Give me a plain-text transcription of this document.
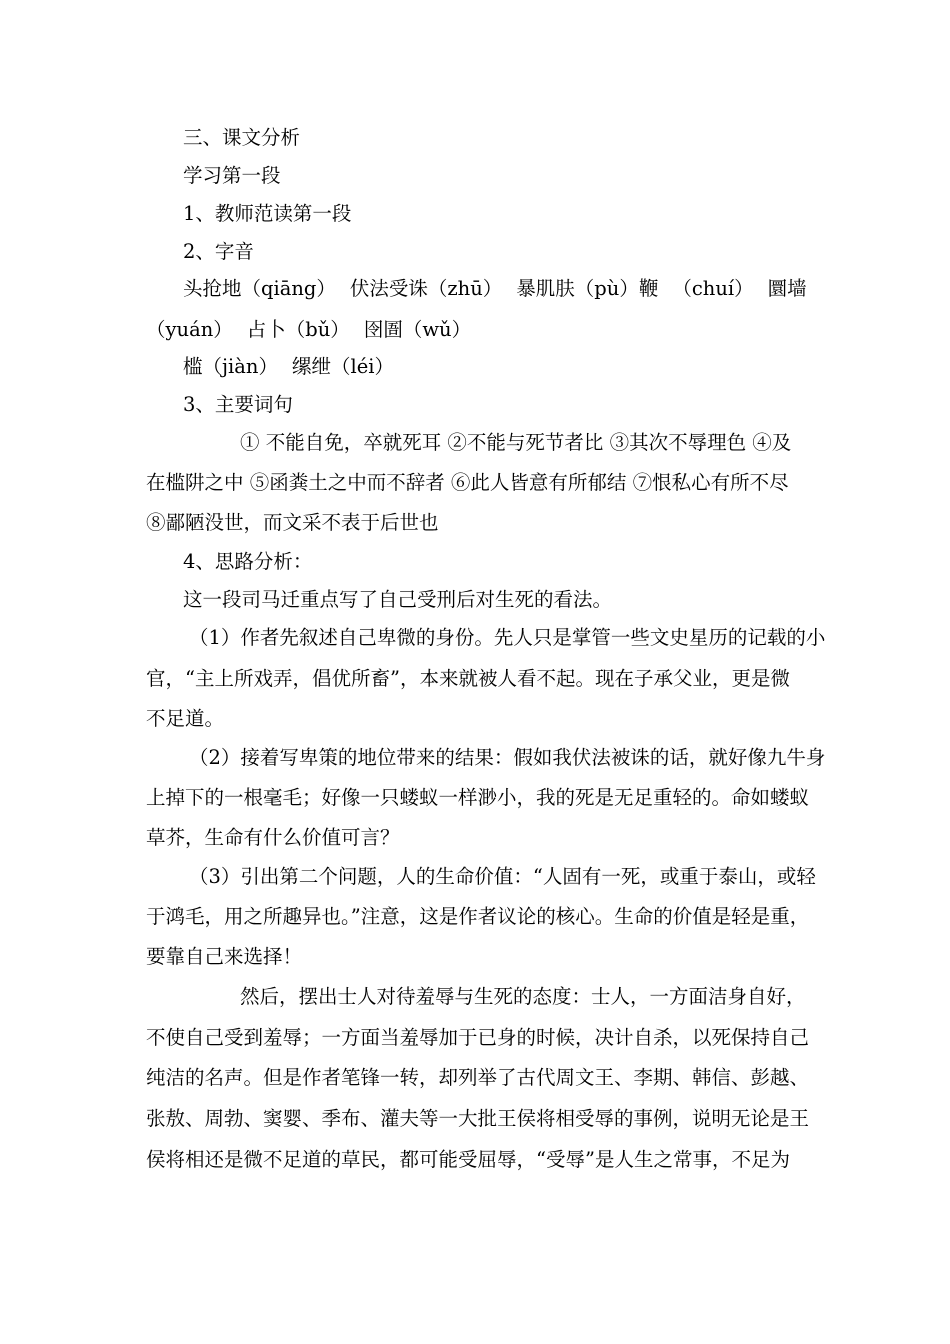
三、课文分析
学习第一段
1、教师范读第一段
2、字音
头抢地（qiāng） 伏法受诛（zhū） 暴肌肤（pù）鞭 （chuí） 圜墙
（yuán） 占卜（bǔ） 囹圄（wǔ）
槛（jiàn） 缧绁（léi）
3、主要词句
① 不能自免，卒就死耳 ②不能与死节者比 ③其次不辱理色 ④及
在槛阱之中 ⑤函粪土之中而不辞者 ⑥此人皆意有所郁结 ⑦恨私心有所不尽
⑧鄙陋没世，而文采不表于后世也
4、思路分析：
这一段司马迁重点写了自己受刑后对生死的看法。
（1）作者先叙述自己卑微的身份。先人只是掌管一些文史星历的记载的小
官，“主上所戏弄，倡优所畜”，本来就被人看不起。现在子承父业，更是微
不足道。
（2）接着写卑策的地位带来的结果：假如我伏法被诛的话，就好像九牛身
上掉下的一根毫毛；好像一只蝼蚁一样渺小，我的死是无足重轻的。命如蝼蚁
草芥，生命有什么价值可言？
（3）引出第二个问题，人的生命价值：“人固有一死，或重于泰山，或轻
于鸿毛，用之所趣异也。”注意，这是作者议论的核心。生命的价值是轻是重，
要靠自己来选择！
然后，摆出士人对待羞辱与生死的态度：士人，一方面洁身自好，
不使自己受到羞辱；一方面当羞辱加于已身的时候，决计自杀，以死保持自己
纯洁的名声。但是作者笔锋一转，却列举了古代周文王、李期、韩信、彭越、
张敖、周勃、窦婴、季布、灌夫等一大批王侯将相受辱的事例，说明无论是王
侯将相还是微不足道的草民，都可能受屈辱，“受辱”是人生之常事，不足为
